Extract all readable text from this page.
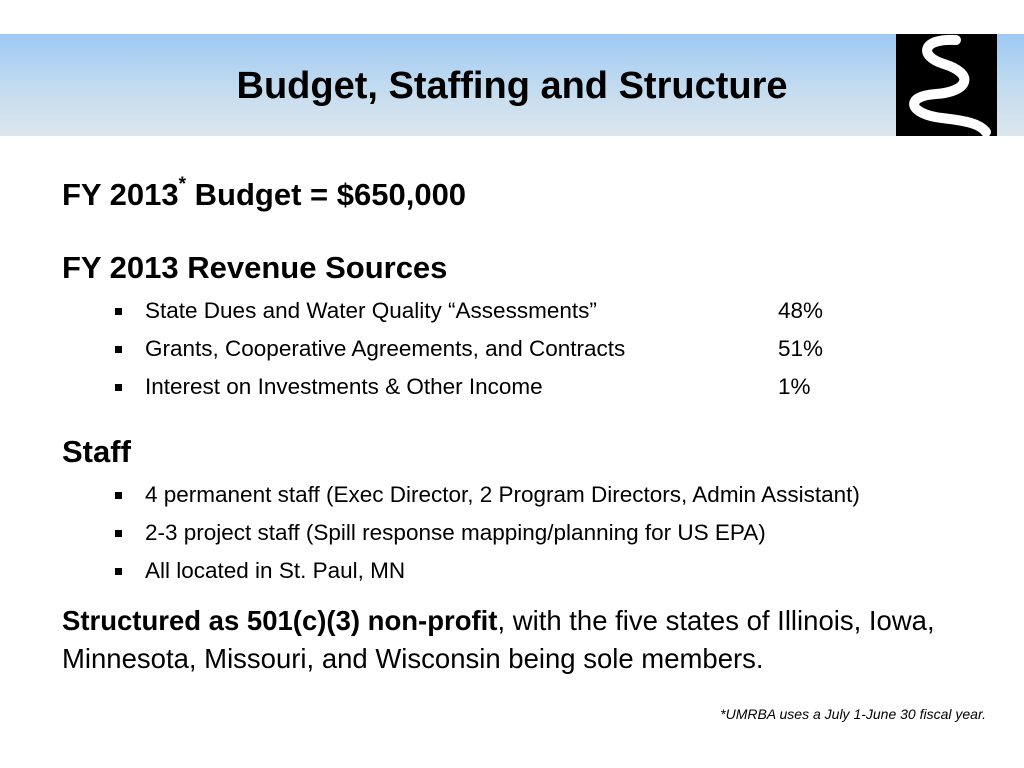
Budget, Staffing and Structure
FY 2013* Budget = $650,000
FY 2013 Revenue Sources
State Dues and Water Quality “Assessments”	48%
Grants, Cooperative Agreements, and Contracts	51%
Interest on Investments & Other Income	1%
Staff
4 permanent staff (Exec Director, 2 Program Directors, Admin Assistant)
2-3 project staff (Spill response mapping/planning for US EPA)
All located in St. Paul, MN

Structured as 501(c)(3) non-profit, with the five states of Illinois, Iowa, Minnesota, Missouri, and Wisconsin being sole members.

*UMRBA uses a July 1-June 30 fiscal year.
